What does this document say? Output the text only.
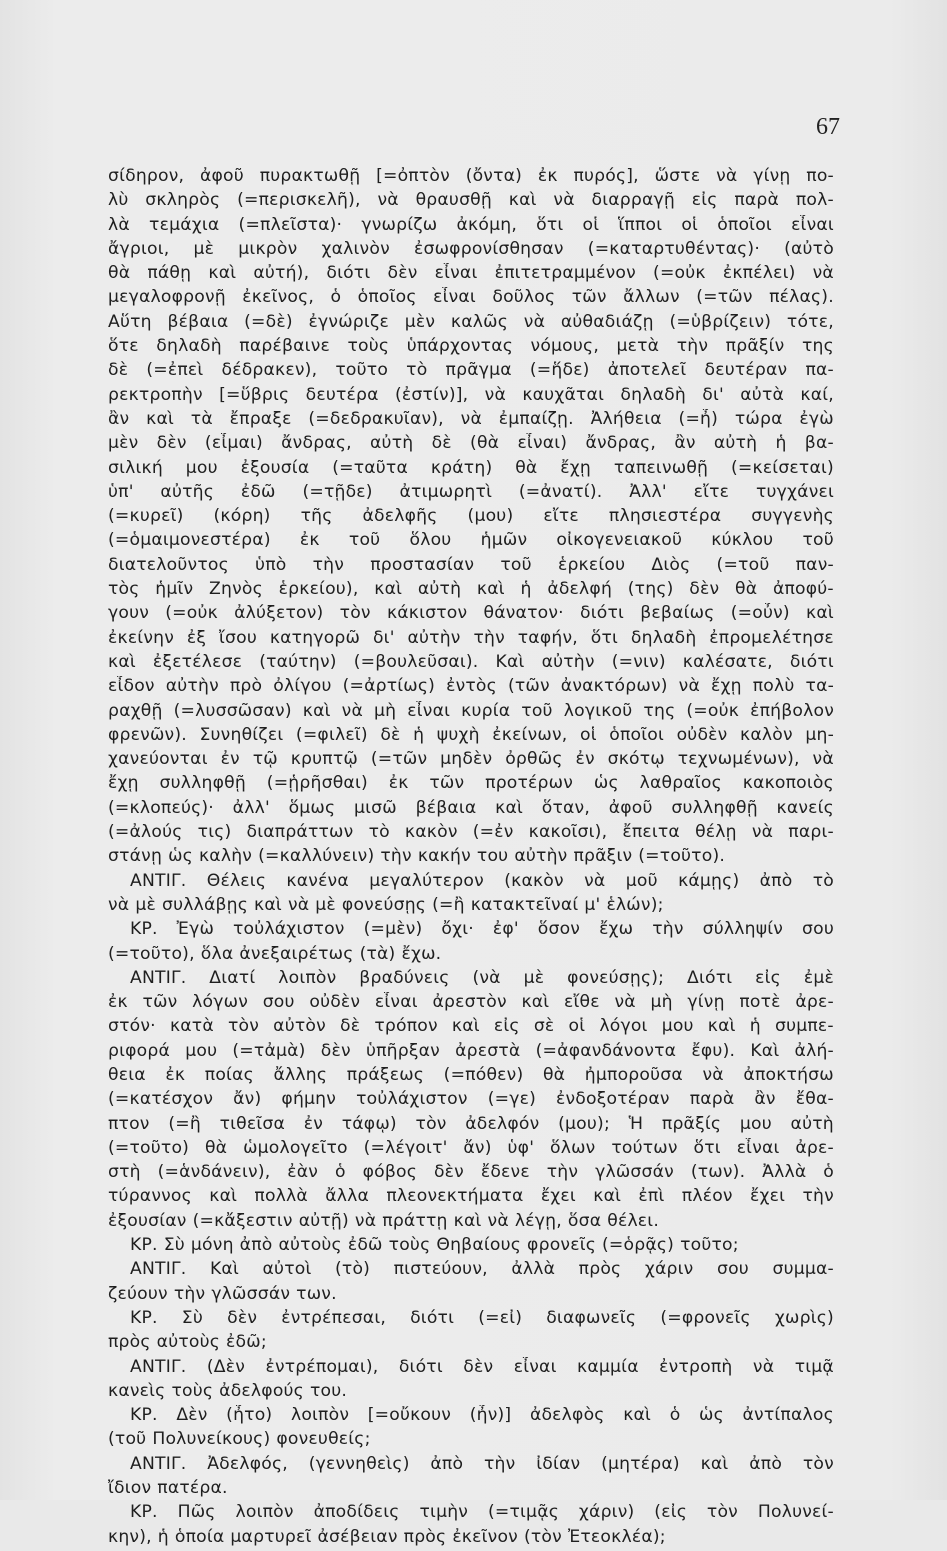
67
σίδηρον, ἀφοῦ πυρακτωθῇ [=ὀπτὸν (ὄντα) ἐκ πυρός], ὥστε νὰ γίνῃ πο-
λὺ σκληρὸς (=περισκελῆ), νὰ θραυσθῇ καὶ νὰ διαρραγῇ εἰς παρὰ πολ-
λὰ τεμάχια (=πλεῖστα)· γνωρίζω ἀκόμη, ὅτι οἱ ἵπποι οἱ ὁποῖοι εἶναι
ἄγριοι, μὲ μικρὸν χαλινὸν ἐσωφρονίσθησαν (=καταρτυθέντας)· (αὐτὸ
θὰ πάθῃ καὶ αὐτή), διότι δὲν εἶναι ἐπιτετραμμένον (=οὐκ ἐκπέλει) νὰ
μεγαλοφρονῇ ἐκεῖνος, ὁ ὁποῖος εἶναι δοῦλος τῶν ἄλλων (=τῶν πέλας).
Αὕτη βέβαια (=δὲ) ἐγνώριζε μὲν καλῶς νὰ αὐθαδιάζῃ (=ὑβρίζειν) τότε,
ὅτε δηλαδὴ παρέβαινε τοὺς ὑπάρχοντας νόμους, μετὰ τὴν πρᾶξίν της
δὲ (=ἐπεὶ δέδρακεν), τοῦτο τὸ πρᾶγμα (=ἥδε) ἀποτελεῖ δευτέραν πα-
ρεκτροπὴν [=ὕβρις δευτέρα (ἐστίν)], νὰ καυχᾶται δηλαδὴ δι' αὐτὰ καί,
ἂν καὶ τὰ ἔπραξε (=δεδρακυῖαν), νὰ ἐμπαίζῃ. Ἀλήθεια (=ἦ) τώρα ἐγὼ
μὲν δὲν (εἶμαι) ἄνδρας, αὐτὴ δὲ (θὰ εἶναι) ἄνδρας, ἂν αὐτὴ ἡ βα-
σιλική μου ἐξουσία (=ταῦτα κράτη) θὰ ἔχῃ ταπεινωθῇ (=κείσεται)
ὑπ' αὐτῆς ἐδῶ (=τῇδε) ἀτιμωρητὶ (=ἀνατί). Ἀλλ' εἴτε τυγχάνει
(=κυρεῖ) (κόρη) τῆς ἀδελφῆς (μου) εἴτε πλησιεστέρα συγγενὴς
(=ὁμαιμονεστέρα) ἐκ τοῦ ὅλου ἡμῶν οἰκογενειακοῦ κύκλου τοῦ
διατελοῦντος ὑπὸ τὴν προστασίαν τοῦ ἑρκείου Διὸς (=τοῦ παν-
τὸς ἡμῖν Ζηνὸς ἑρκείου), καὶ αὐτὴ καὶ ἡ ἀδελφή (της) δὲν θὰ ἀποφύ-
γουν (=οὐκ ἀλύξετον) τὸν κάκιστον θάνατον· διότι βεβαίως (=οὖν) καὶ
ἐκείνην ἐξ ἴσου κατηγορῶ δι' αὐτὴν τὴν ταφήν, ὅτι δηλαδὴ ἐπρομελέτησε
καὶ ἐξετέλεσε (ταύτην) (=βουλεῦσαι). Καὶ αὐτὴν (=νιν) καλέσατε, διότι
εἶδον αὐτὴν πρὸ ὀλίγου (=ἀρτίως) ἐντὸς (τῶν ἀνακτόρων) νὰ ἔχῃ πολὺ τα-
ραχθῇ (=λυσσῶσαν) καὶ νὰ μὴ εἶναι κυρία τοῦ λογικοῦ της (=οὐκ ἐπήβολον
φρενῶν). Συνηθίζει (=φιλεῖ) δὲ ἡ ψυχὴ ἐκείνων, οἱ ὁποῖοι οὐδὲν καλὸν μη-
χανεύονται ἐν τῷ κρυπτῷ (=τῶν μηδὲν ὀρθῶς ἐν σκότῳ τεχνωμένων), νὰ
ἔχῃ συλληφθῇ (=ᾑρῆσθαι) ἐκ τῶν προτέρων ὡς λαθραῖος κακοποιὸς
(=κλοπεύς)· ἀλλ' ὅμως μισῶ βέβαια καὶ ὅταν, ἀφοῦ συλληφθῇ κανείς
(=ἀλούς τις) διαπράττων τὸ κακὸν (=ἐν κακοῖσι), ἔπειτα θέλῃ νὰ παρι-
στάνῃ ὡς καλὴν (=καλλύνειν) τὴν κακήν του αὐτὴν πρᾶξιν (=τοῦτο).
ΑΝΤΙΓ. Θέλεις κανένα μεγαλύτερον (κακὸν νὰ μοῦ κάμῃς) ἀπὸ τὸ
νὰ μὲ συλλάβῃς καὶ νὰ μὲ φονεύσῃς (=ἢ κατακτεῖναί μ' ἑλών);
ΚΡ. Ἐγὼ τοὐλάχιστον (=μὲν) ὄχι· ἐφ' ὅσον ἔχω τὴν σύλληψίν σου
(=τοῦτο), ὅλα ἀνεξαιρέτως (τὰ) ἔχω.
ΑΝΤΙΓ. Διατί λοιπὸν βραδύνεις (νὰ μὲ φονεύσῃς); Διότι εἰς ἐμὲ
ἐκ τῶν λόγων σου οὐδὲν εἶναι ἀρεστὸν καὶ εἴθε νὰ μὴ γίνῃ ποτὲ ἀρε-
στόν· κατὰ τὸν αὐτὸν δὲ τρόπον καὶ εἰς σὲ οἱ λόγοι μου καὶ ἡ συμπε-
ριφορά μου (=τἀμὰ) δὲν ὑπῆρξαν ἀρεστὰ (=ἀφανδάνοντα ἔφυ). Καὶ ἀλή-
θεια ἐκ ποίας ἄλλης πράξεως (=πόθεν) θὰ ἠμποροῦσα νὰ ἀποκτήσω
(=κατέσχον ἄν) φήμην τοὐλάχιστον (=γε) ἐνδοξοτέραν παρὰ ἂν ἔθα-
πτον (=ἢ τιθεῖσα ἐν τάφῳ) τὸν ἀδελφόν (μου); Ἡ πρᾶξίς μου αὐτὴ
(=τοῦτο) θὰ ὡμολογεῖτο (=λέγοιτ' ἄν) ὑφ' ὅλων τούτων ὅτι εἶναι ἀρε-
στὴ (=ἁνδάνειν), ἐὰν ὁ φόβος δὲν ἔδενε τὴν γλῶσσάν (των). Ἀλλὰ ὁ
τύραννος καὶ πολλὰ ἄλλα πλεονεκτήματα ἔχει καὶ ἐπὶ πλέον ἔχει τὴν
ἐξουσίαν (=κἄξεστιν αὐτῇ) νὰ πράττῃ καὶ νὰ λέγῃ, ὅσα θέλει.
ΚΡ. Σὺ μόνη ἀπὸ αὐτοὺς ἐδῶ τοὺς Θηβαίους φρονεῖς (=ὁρᾷς) τοῦτο;
ΑΝΤΙΓ. Καὶ αὐτοὶ (τὸ) πιστεύουν, ἀλλὰ πρὸς χάριν σου συμμα-
ζεύουν τὴν γλῶσσάν των.
ΚΡ. Σὺ δὲν ἐντρέπεσαι, διότι (=εἰ) διαφωνεῖς (=φρονεῖς χωρὶς)
πρὸς αὐτοὺς ἐδῶ;
ΑΝΤΙΓ. (Δὲν ἐντρέπομαι), διότι δὲν εἶναι καμμία ἐντροπὴ νὰ τιμᾷ
κανεὶς τοὺς ἀδελφούς του.
ΚΡ. Δὲν (ἦτο) λοιπὸν [=οὔκουν (ἦν)] ἀδελφὸς καὶ ὁ ὡς ἀντίπαλος
(τοῦ Πολυνείκους) φονευθείς;
ΑΝΤΙΓ. Ἀδελφός, (γεννηθεὶς) ἀπὸ τὴν ἰδίαν (μητέρα) καὶ ἀπὸ τὸν
ἴδιον πατέρα.
ΚΡ. Πῶς λοιπὸν ἀποδίδεις τιμὴν (=τιμᾷς χάριν) (εἰς τὸν Πολυνεί-
κην), ἡ ὁποία μαρτυρεῖ ἀσέβειαν πρὸς ἐκεῖνον (τὸν Ἐτεοκλέα);
